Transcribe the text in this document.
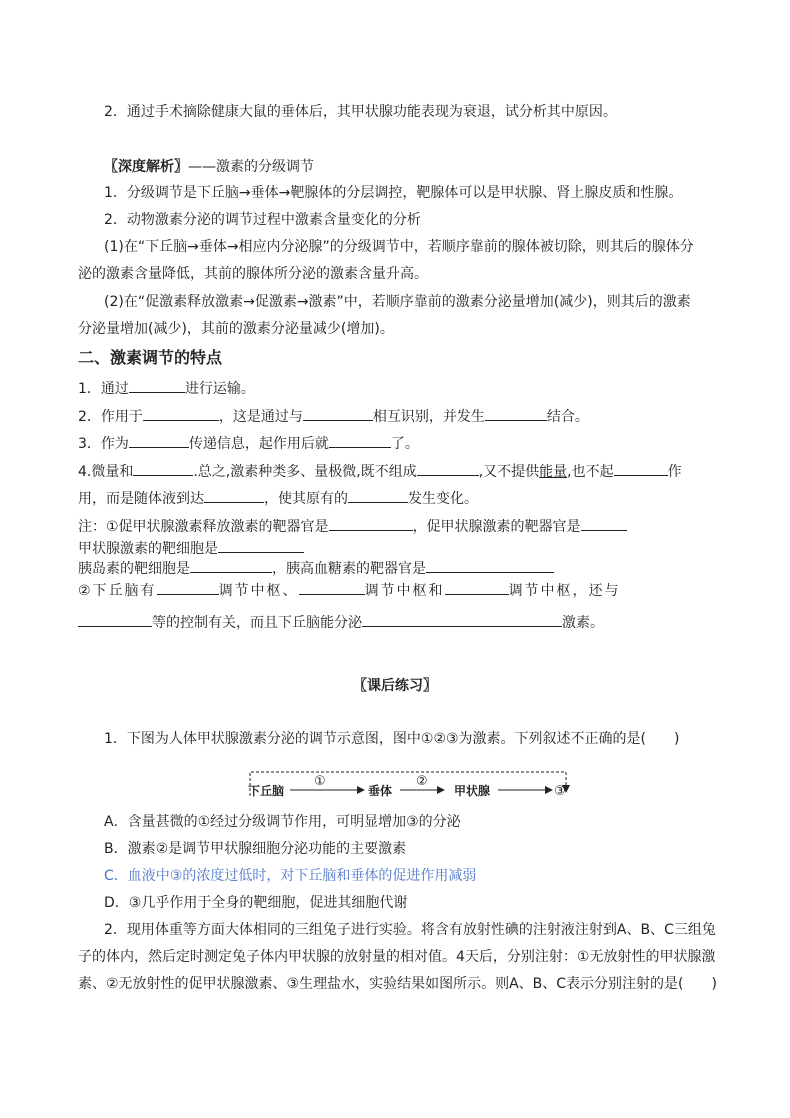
2．通过手术摘除健康大鼠的垂体后，其甲状腺功能表现为衰退，试分析其中原因。
〖深度解析〗——激素的分级调节
1．分级调节是下丘脑→垂体→靶腺体的分层调控，靶腺体可以是甲状腺、肾上腺皮质和性腺。
2．动物激素分泌的调节过程中激素含量变化的分析
(1)在“下丘脑→垂体→相应内分泌腺”的分级调节中，若顺序靠前的腺体被切除，则其后的腺体分
泌的激素含量降低，其前的腺体所分泌的激素含量升高。
(2)在“促激素释放激素→促激素→激素”中，若顺序靠前的激素分泌量增加(减少)，则其后的激素
分泌量增加(减少)，其前的激素分泌量减少(增加)。
二、激素调节的特点
1．通过	进行运输。
2．作用于	，这是通过与	相互识别，并发生	结合。
3．作为	传递信息，起作用后就	了。
4.微量和	.总之,激素种类多、量极微,既不组成	,又不提供能量,也不起	作
用，而是随体液到达	，使其原有的	发生变化。
注：①促甲状腺激素释放激素的靶器官是	，促甲状腺激素的靶器官是
甲状腺激素的靶细胞是
胰岛素的靶细胞是	，胰高血糖素的靶器官是
②下丘脑有	调节中枢、	调节中枢和	调节中枢，还与
等的控制有关，而且下丘脑能分泌	激素。
〖课后练习〗
1．下图为人体甲状腺激素分泌的调节示意图，图中①②③为激素。下列叙述不正确的是(　　)
下丘脑
①
垂体
②
甲状腺	③
A．含量甚微的①经过分级调节作用，可明显增加③的分泌
B．激素②是调节甲状腺细胞分泌功能的主要激素
C．血液中③的浓度过低时，对下丘脑和垂体的促进作用减弱
D．③几乎作用于全身的靶细胞，促进其细胞代谢
2．现用体重等方面大体相同的三组兔子进行实验。将含有放射性碘的注射液注射到A、B、C三组兔
子的体内，然后定时测定兔子体内甲状腺的放射量的相对值。4天后，分别注射：①无放射性的甲状腺激
素、②无放射性的促甲状腺激素、③生理盐水，实验结果如图所示。则A、B、C表示分别注射的是(　　)
